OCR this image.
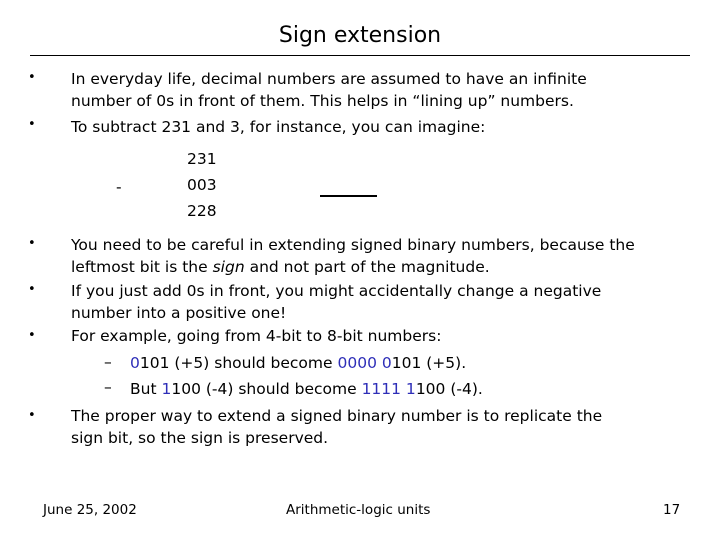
Sign extension
• In everyday life, decimal numbers are assumed to have an infinite
number of 0s in front of them. This helps in “lining up” numbers.
• To subtract 231 and 3, for instance, you can imagine:
-
231
003
228
• You need to be careful in extending signed binary numbers, because the
leftmost bit is the sign and not part of the magnitude.
• If you just add 0s in front, you might accidentally change a negative
number into a positive one!
• For example, going from 4-bit to 8-bit numbers:
– 0101 (+5) should become 0000 0101 (+5).
– But 1100 (-4) should become 1111 1100 (-4).
• The proper way to extend a signed binary number is to replicate the
sign bit, so the sign is preserved.
June 25, 2002	Arithmetic-logic units	17
